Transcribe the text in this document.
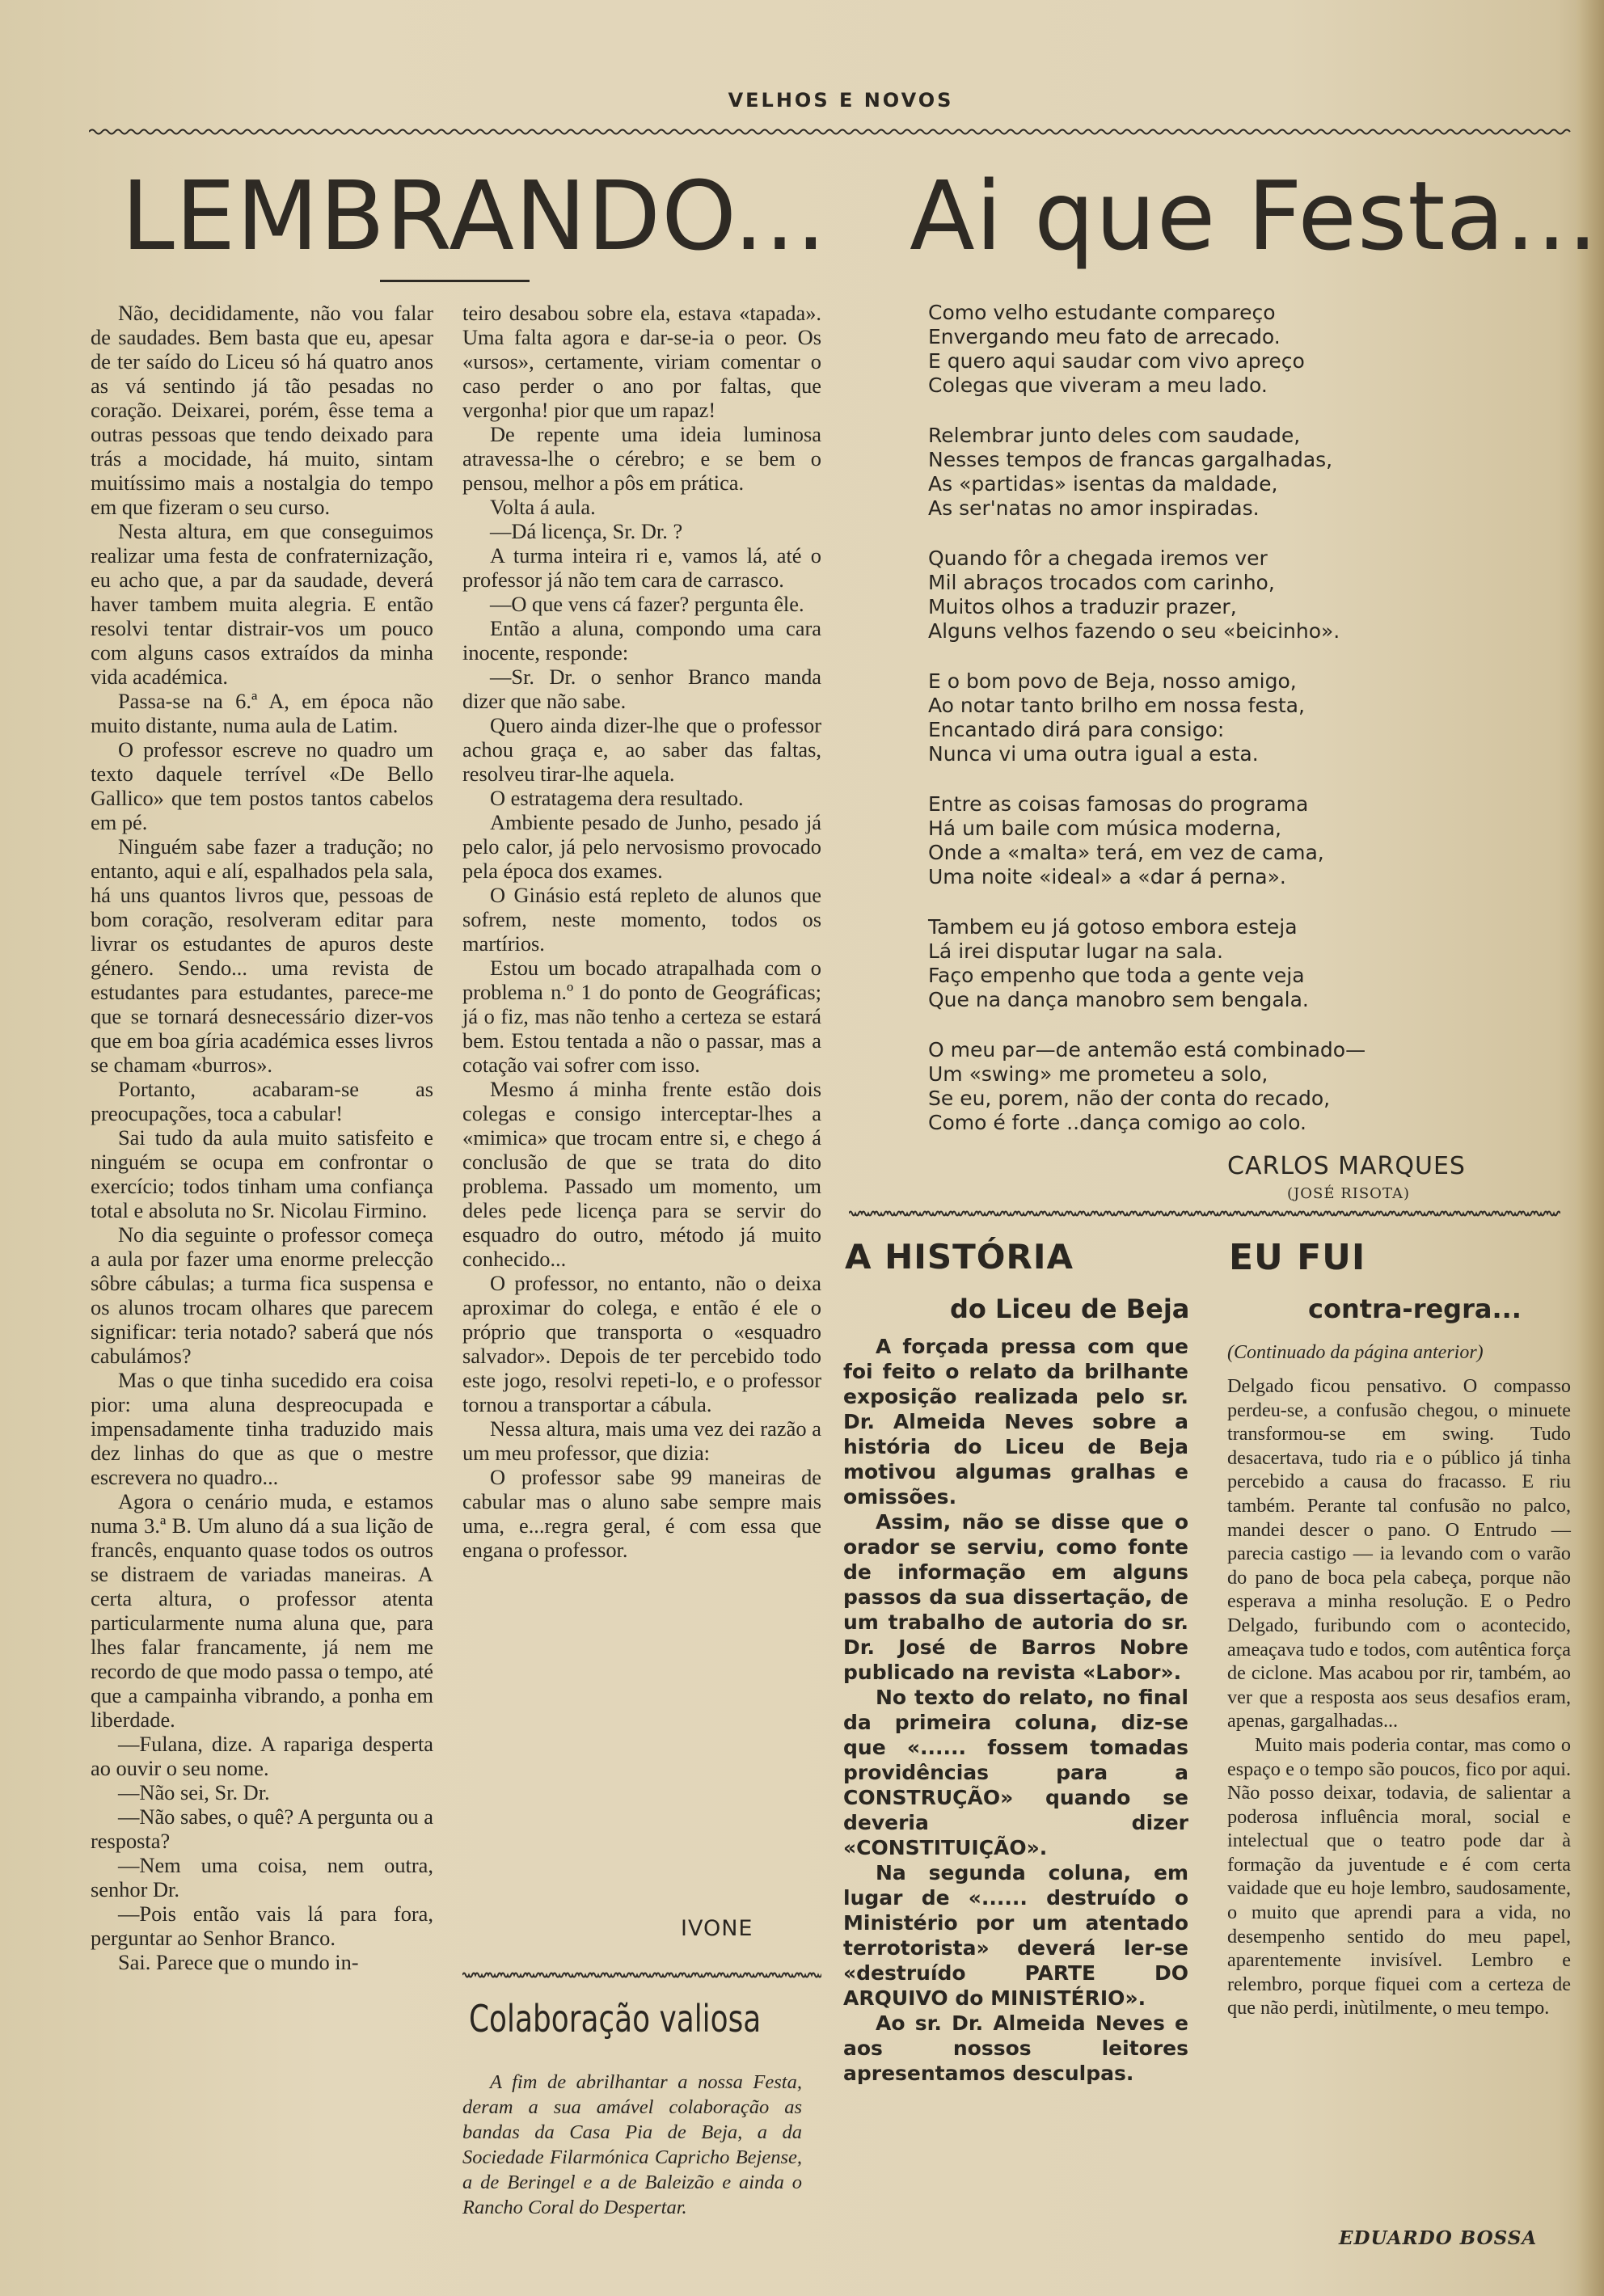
VELHOS E NOVOS
LEMBRANDO... Ai que Festa...

Não, decididamente, não vou falar de saudades. Bem basta que eu, apesar de ter saído do Liceu só há quatro anos as vá sentindo já tão pesadas no coração. Deixarei, porém, êsse tema a outras pessoas que tendo deixado para trás a mocidade, há muito, sintam muitíssimo mais a nostalgia do tempo em que fizeram o seu curso.

Nesta altura, em que conseguimos realizar uma festa de confraternização, eu acho que, a par da saudade, deverá haver tambem muita alegria. E então resolvi tentar distrair-vos um pouco com alguns casos extraídos da minha vida académica.

Passa-se na 6.ª A, em época não muito distante, numa aula de Latim.

O professor escreve no quadro um texto daquele terrível «De Bello Gallico» que tem postos tantos cabelos em pé.

Ninguém sabe fazer a tradução; no entanto, aqui e alí, espalhados pela sala, há uns quantos livros que, pessoas de bom coração, resolveram editar para livrar os estudantes de apuros deste género. Sendo... uma revista de estudantes para estudantes, parece-me que se tornará desnecessário dizer-vos que em boa gíria académica esses livros se chamam «burros».

Portanto, acabaram-se as preocupações, toca a cabular!

Sai tudo da aula muito satisfeito e ninguém se ocupa em confrontar o exercício; todos tinham uma confiança total e absoluta no Sr. Nicolau Firmino.

No dia seguinte o professor começa a aula por fazer uma enorme prelecção sôbre cábulas; a turma fica suspensa e os alunos trocam olhares que parecem significar: teria notado? saberá que nós cabulámos?

Mas o que tinha sucedido era coisa pior: uma aluna despreocupada e impensadamente tinha traduzido mais dez linhas do que as que o mestre escrevera no quadro...

Agora o cenário muda, e estamos numa 3.ª B. Um aluno dá a sua lição de francês, enquanto quase todos os outros se distraem de variadas maneiras. A certa altura, o professor atenta particularmente numa aluna que, para lhes falar francamente, já nem me recordo de que modo passa o tempo, até que a campainha vibrando, a ponha em liberdade.

—Fulana, dize. A rapariga desperta ao ouvir o seu nome.

—Não sei, Sr. Dr.

—Não sabes, o quê? A pergunta ou a resposta?

—Nem uma coisa, nem outra, senhor Dr.

—Pois então vais lá para fora, perguntar ao Senhor Branco.

Sai. Parece que o mundo in-

teiro desabou sobre ela, estava «tapada». Uma falta agora e dar-se-ia o peor. Os «ursos», certamente, viriam comentar o caso perder o ano por faltas, que vergonha! pior que um rapaz!

De repente uma ideia luminosa atravessa-lhe o cérebro; e se bem o pensou, melhor a pôs em prática.

Volta á aula.

—Dá licença, Sr. Dr. ?

A turma inteira ri e, vamos lá, até o professor já não tem cara de carrasco.

—O que vens cá fazer? pergunta êle.

Então a aluna, compondo uma cara inocente, responde:

—Sr. Dr. o senhor Branco manda dizer que não sabe.

Quero ainda dizer-lhe que o professor achou graça e, ao saber das faltas, resolveu tirar-lhe aquela.

O estratagema dera resultado.

Ambiente pesado de Junho, pesado já pelo calor, já pelo nervosismo provocado pela época dos exames.

O Ginásio está repleto de alunos que sofrem, neste momento, todos os martírios.

Estou um bocado atrapalhada com o problema n.º 1 do ponto de Geográficas; já o fiz, mas não tenho a certeza se estará bem. Estou tentada a não o passar, mas a cotação vai sofrer com isso.

Mesmo á minha frente estão dois colegas e consigo interceptar-lhes a «mimica» que trocam entre si, e chego á conclusão de que se trata do dito problema. Passado um momento, um deles pede licença para se servir do esquadro do outro, método já muito conhecido...

O professor, no entanto, não o deixa aproximar do colega, e então é ele o próprio que transporta o «esquadro salvador». Depois de ter percebido todo este jogo, resolvi repeti-lo, e o professor tornou a transportar a cábula.

Nessa altura, mais uma vez dei razão a um meu professor, que dizia:

O professor sabe 99 maneiras de cabular mas o aluno sabe sempre mais uma, e...regra geral, é com essa que engana o professor.

IVONE
Colaboração valiosa

A fim de abrilhantar a nossa Festa, deram a sua amável colaboração as bandas da Casa Pia de Beja, a da Sociedade Filarmónica Capricho Bejense, a de Beringel e a de Baleizão e ainda o Rancho Coral do Despertar.

Como velho estudante compareço
Envergando meu fato de arrecado.
E quero aqui saudar com vivo apreço
Colegas que viveram a meu lado.
Relembrar junto deles com saudade,
Nesses tempos de francas gargalhadas,
As «partidas» isentas da maldade,
As ser'natas no amor inspiradas.
Quando fôr a chegada iremos ver
Mil abraços trocados com carinho,
Muitos olhos a traduzir prazer,
Alguns velhos fazendo o seu «beicinho».
E o bom povo de Beja, nosso amigo,
Ao notar tanto brilho em nossa festa,
Encantado dirá para consigo:
Nunca vi uma outra igual a esta.
Entre as coisas famosas do programa
Há um baile com música moderna,
Onde a «malta» terá, em vez de cama,
Uma noite «ideal» a «dar á perna».
Tambem eu já gotoso embora esteja
Lá irei disputar lugar na sala.
Faço empenho que toda a gente veja
Que na dança manobro sem bengala.
O meu par—de antemão está combinado—
Um «swing» me prometeu a solo,
Se eu, porem, não der conta do recado,
Como é forte ..dança comigo ao colo.
CARLOS MARQUES
(JOSÉ RISOTA)
A HISTÓRIA
do Liceu de Beja

A forçada pressa com que foi feito o relato da brilhante exposição realizada pelo sr. Dr. Almeida Neves sobre a história do Liceu de Beja motivou algumas gralhas e omissões.

Assim, não se disse que o orador se serviu, como fonte de informação em alguns passos da sua dissertação, de um trabalho de autoria do sr. Dr. José de Barros Nobre publicado na revista «Labor».

No texto do relato, no final da primeira coluna, diz-se que «...... fossem tomadas providências para a CONSTRUÇÃO» quando se deveria dizer «CONSTITUIÇÃO».

Na segunda coluna, em lugar de «...... destruído o Ministério por um atentado terrotorista» deverá ler-se «destruído PARTE DO ARQUIVO do MINISTÉRIO».

Ao sr. Dr. Almeida Neves e aos nossos leitores apresentamos desculpas.

EU FUI
contra-regra...
(Continuado da página anterior)

Delgado ficou pensativo. O compasso perdeu-se, a confusão chegou, o minuete transformou-se em swing. Tudo desacertava, tudo ria e o público já tinha percebido a causa do fracasso. E riu também. Perante tal confusão no palco, mandei descer o pano. O Entrudo — parecia castigo — ia levando com o varão do pano de boca pela cabeça, porque não esperava a minha resolução. E o Pedro Delgado, furibundo com o acontecido, ameaçava tudo e todos, com autêntica força de ciclone. Mas acabou por rir, também, ao ver que a resposta aos seus desafios eram, apenas, gargalhadas...

Muito mais poderia contar, mas como o espaço e o tempo são poucos, fico por aqui. Não posso deixar, todavia, de salientar a poderosa influência moral, social e intelectual que o teatro pode dar à formação da juventude e é com certa vaidade que eu hoje lembro, saudosamente, o muito que aprendi para a vida, no desempenho sentido do meu papel, aparentemente invisível. Lembro e relembro, porque fiquei com a certeza de que não perdi, inùtilmente, o meu tempo.

EDUARDO BOSSA
